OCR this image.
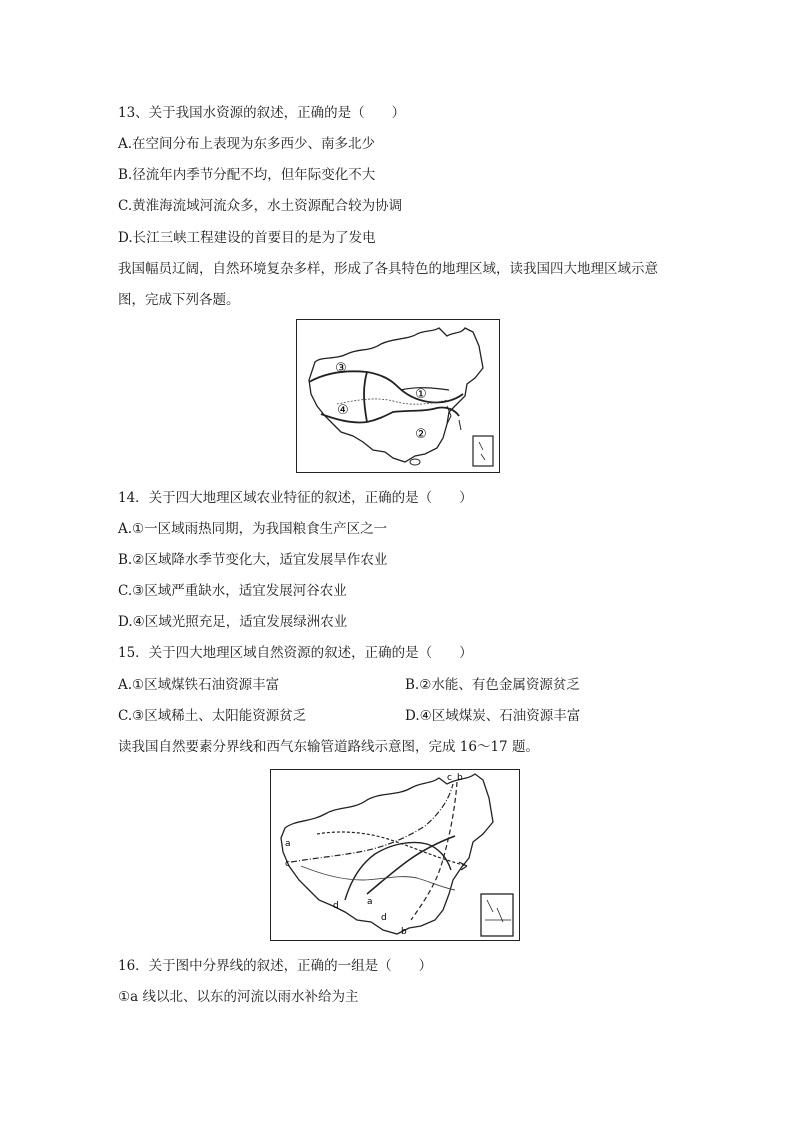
13、关于我国水资源的叙述，正确的是（　　）
A.在空间分布上表现为东多西少、南多北少
B.径流年内季节分配不均，但年际变化不大
C.黄淮海流域河流众多，水土资源配合较为协调
D.长江三峡工程建设的首要目的是为了发电
我国幅员辽阔，自然环境复杂多样，形成了各具特色的地理区域，读我国四大地理区域示意
图，完成下列各题。
③
①
④
②
14．关于四大地理区域农业特征的叙述，正确的是（　　）
A.①一区域雨热同期，为我国粮食生产区之一
B.②区域降水季节变化大，适宜发展旱作农业
C.③区域严重缺水，适宜发展河谷农业
D.④区域光照充足，适宜发展绿洲农业
15．关于四大地理区域自然资源的叙述，正确的是（　　）
A.①区域煤铁石油资源丰富	B.②水能、有色金属资源贫乏
C.③区域稀土、太阳能资源贫乏	D.④区域煤炭、石油资源丰富
读我国自然要素分界线和西气东输管道路线示意图，完成 16～17 题。
c b
a
c
d	a
d
b
16．关于图中分界线的叙述，正确的一组是（　　）
①a 线以北、以东的河流以雨水补给为主
